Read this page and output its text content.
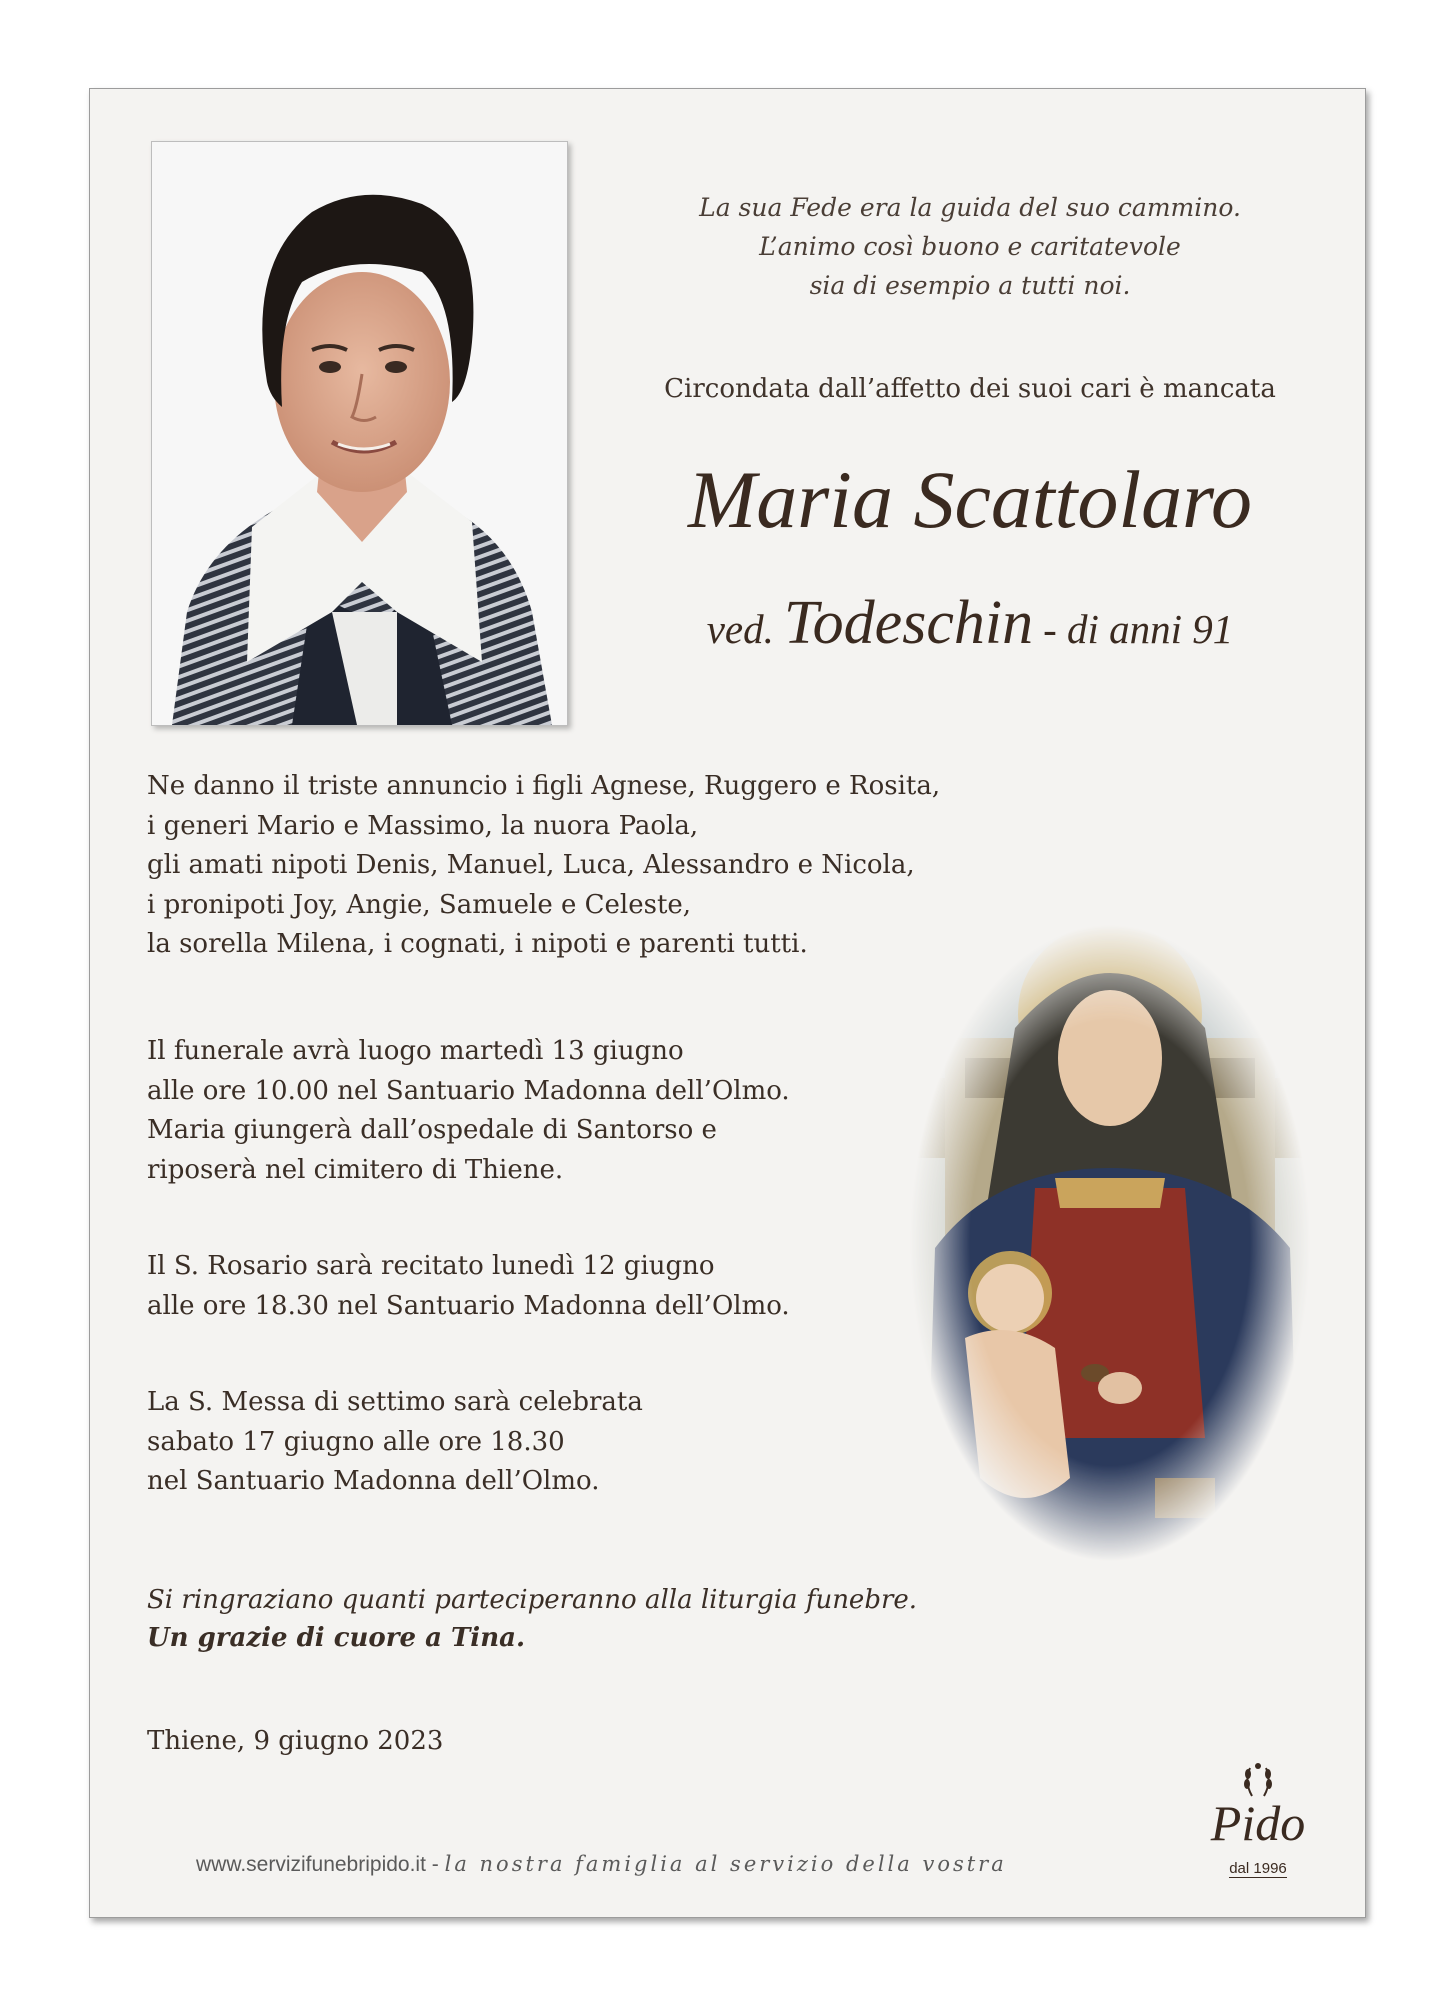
La sua Fede era la guida del suo cammino.
L’animo così buono e caritatevole
sia di esempio a tutti noi.
Circondata dall’affetto dei suoi cari è mancata
Maria Scattolaro
ved. Todeschin - di anni 91
Ne danno il triste annuncio i figli Agnese, Ruggero e Rosita,
i generi Mario e Massimo, la nuora Paola,
gli amati nipoti Denis, Manuel, Luca, Alessandro e Nicola,
i pronipoti Joy, Angie, Samuele e Celeste,
la sorella Milena, i cognati, i nipoti e parenti tutti.
Il funerale avrà luogo martedì 13 giugno
alle ore 10.00 nel Santuario Madonna dell’Olmo.
Maria giungerà dall’ospedale di Santorso e
riposerà nel cimitero di Thiene.
Il S. Rosario sarà recitato lunedì 12 giugno
alle ore 18.30 nel Santuario Madonna dell’Olmo.
La S. Messa di settimo sarà celebrata
sabato 17 giugno alle ore 18.30
nel Santuario Madonna dell’Olmo.
Si ringraziano quanti parteciperanno alla liturgia funebre.
Un grazie di cuore a Tina.
Thiene, 9 giugno 2023
www.servizifunebripido.it - la nostra famiglia al servizio della vostra
Pido
dal 1996
